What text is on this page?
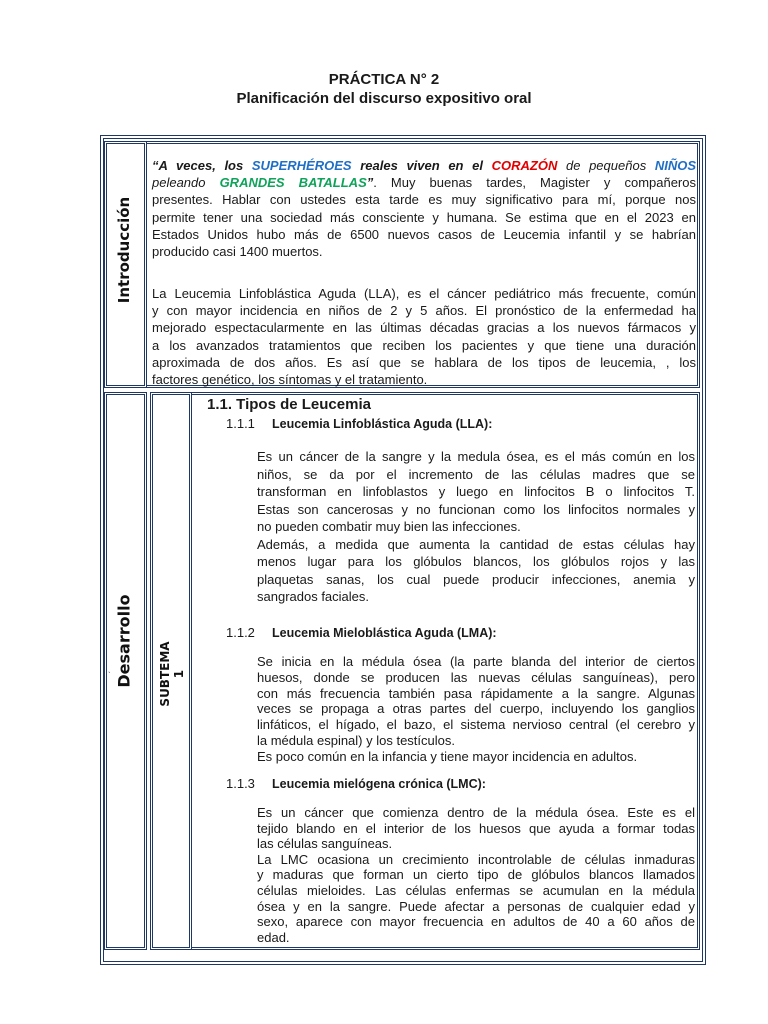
PRÁCTICA N° 2
Planificación del discurso expositivo oral
Introducción
Desarrollo SUBTEMA
1
`
“A veces, los SUPERHÉROES reales viven en el CORAZÓN de pequeños NIÑOS
peleando GRANDES BATALLAS”. Muy buenas tardes, Magister y compañeros
presentes. Hablar con ustedes esta tarde es muy significativo para mí, porque nos
permite tener una sociedad más consciente y humana. Se estima que en el 2023 en
Estados Unidos hubo más de 6500 nuevos casos de Leucemia infantil y se habrían
producido casi 1400 muertos.
La Leucemia Linfoblástica Aguda (LLA), es el cáncer pediátrico más frecuente, común
y con mayor incidencia en niños de 2 y 5 años. El pronóstico de la enfermedad ha
mejorado espectacularmente en las últimas décadas gracias a los nuevos fármacos y
a los avanzados tratamientos que reciben los pacientes y que tiene una duración
aproximada de dos años. Es así que se hablara de los tipos de leucemia, , los
factores genético, los síntomas y el tratamiento.
1.1. Tipos de Leucemia
1.1.1 Leucemia Linfoblástica Aguda (LLA):
Es un cáncer de la sangre y la medula ósea, es el más común en los
niños, se da por el incremento de las células madres que se
transforman en linfoblastos y luego en linfocitos B o linfocitos T.
Estas son cancerosas y no funcionan como los linfocitos normales y
no pueden combatir muy bien las infecciones.
Además, a medida que aumenta la cantidad de estas células hay
menos lugar para los glóbulos blancos, los glóbulos rojos y las
plaquetas sanas, los cual puede producir infecciones, anemia y
sangrados faciales.
1.1.2 Leucemia Mieloblástica Aguda (LMA):
Se inicia en la médula ósea (la parte blanda del interior de ciertos
huesos, donde se producen las nuevas células sanguíneas), pero
con más frecuencia también pasa rápidamente a la sangre. Algunas
veces se propaga a otras partes del cuerpo, incluyendo los ganglios
linfáticos, el hígado, el bazo, el sistema nervioso central (el cerebro y
la médula espinal) y los testículos.
Es poco común en la infancia y tiene mayor incidencia en adultos.
1.1.3 Leucemia mielógena crónica (LMC):
Es un cáncer que comienza dentro de la médula ósea. Este es el
tejido blando en el interior de los huesos que ayuda a formar todas
las células sanguíneas.
La LMC ocasiona un crecimiento incontrolable de células inmaduras
y maduras que forman un cierto tipo de glóbulos blancos llamados
células mieloides. Las células enfermas se acumulan en la médula
ósea y en la sangre. Puede afectar a personas de cualquier edad y
sexo, aparece con mayor frecuencia en adultos de 40 a 60 años de
edad.
